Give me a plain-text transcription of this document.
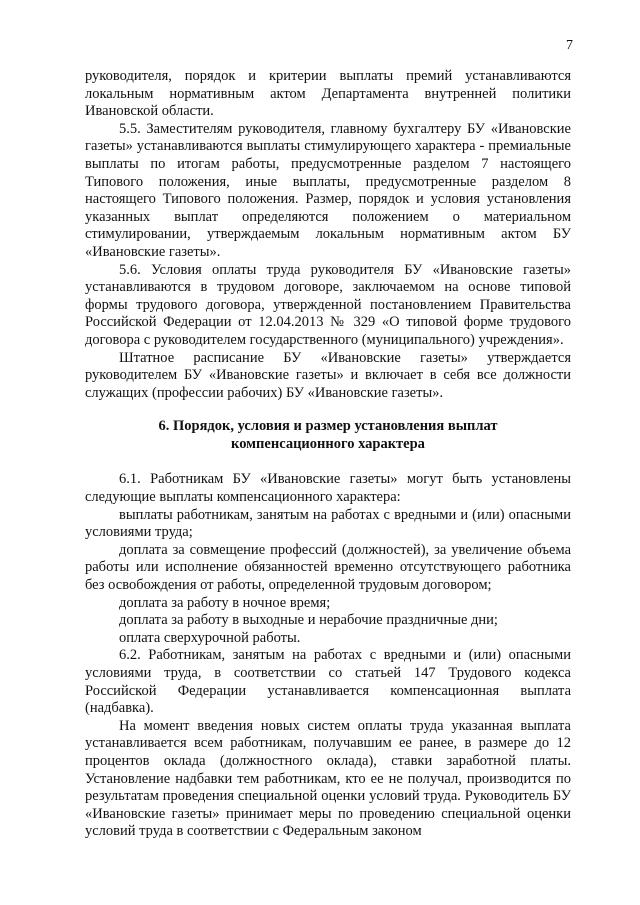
7

руководителя, порядок и критерии выплаты премий устанавливаются локальным нормативным актом Департамента внутренней политики Ивановской области.

5.5. Заместителям руководителя, главному бухгалтеру БУ «Ивановские газеты» устанавливаются выплаты стимулирующего характера - премиальные выплаты по итогам работы, предусмотренные разделом 7 настоящего Типового положения, иные выплаты, предусмотренные разделом 8 настоящего Типового положения. Размер, порядок и условия установления указанных выплат определяются положением о материальном стимулировании, утверждаемым локальным нормативным актом БУ «Ивановские газеты».

5.6. Условия оплаты труда руководителя БУ «Ивановские газеты» устанавливаются в трудовом договоре, заключаемом на основе типовой формы трудового договора, утвержденной постановлением Правительства Российской Федерации от 12.04.2013 № 329 «О типовой форме трудового договора с руководителем государственного (муниципального) учреждения».

Штатное расписание БУ «Ивановские газеты» утверждается руководителем БУ «Ивановские газеты» и включает в себя все должности служащих (профессии рабочих) БУ «Ивановские газеты».

6. Порядок, условия и размер установления выплат
компенсационного характера

6.1. Работникам БУ «Ивановские газеты» могут быть установлены следующие выплаты компенсационного характера:

выплаты работникам, занятым на работах с вредными и (или) опасными условиями труда;

доплата за совмещение профессий (должностей), за увеличение объема работы или исполнение обязанностей временно отсутствующего работника без освобождения от работы, определенной трудовым договором;

доплата за работу в ночное время;

доплата за работу в выходные и нерабочие праздничные дни;

оплата сверхурочной работы.

6.2. Работникам, занятым на работах с вредными и (или) опасными условиями труда, в соответствии со статьей 147 Трудового кодекса Российской Федерации устанавливается компенсационная выплата (надбавка).

На момент введения новых систем оплаты труда указанная выплата устанавливается всем работникам, получавшим ее ранее, в размере до 12 процентов оклада (должностного оклада), ставки заработной платы. Установление надбавки тем работникам, кто ее не получал, производится по результатам проведения специальной оценки условий труда. Руководитель БУ «Ивановские газеты» принимает меры по проведению специальной оценки условий труда в соответствии с Федеральным законом
